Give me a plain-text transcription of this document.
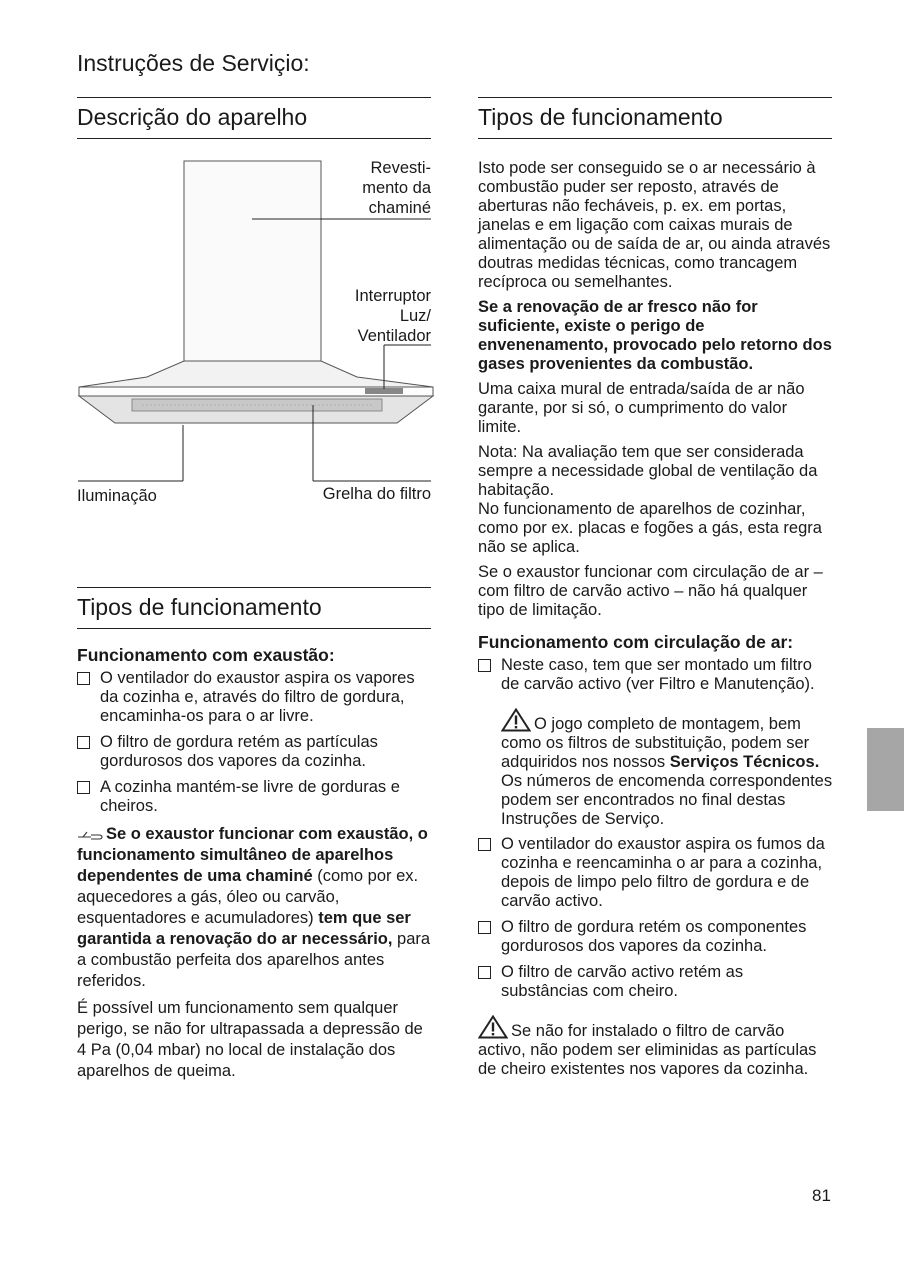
Instruções de Serviçio:
Descrição do aparelho
Revesti-
mento da
chaminé
Interruptor
Luz/
Ventilador
Iluminação	Grelha do filtro
Tipos de funcionamento
Funcionamento com exaustão:
O ventilador do exaustor aspira os vapores da cozinha e, através do filtro de gordura, encaminha-os para o ar livre.
O filtro de gordura retém as partículas gordurosos dos vapores da cozinha.
A cozinha mantém-se livre de gorduras e cheiros.

Se o exaustor funcionar com exaustão, o funcionamento simultâneo de aparelhos dependentes de uma chaminé (como por ex. aquecedores a gás, óleo ou carvão, esquentadores e acumuladores) tem que ser garantida a renovação do ar necessário, para a combustão perfeita dos aparelhos antes referidos.

É possível um funcionamento sem qualquer perigo, se não for ultrapassada a depressão de 4 Pa (0,04 mbar) no local de instalação dos aparelhos de queima.

Tipos de funcionamento

Isto pode ser conseguido se o ar necessário à combustão puder ser reposto, através de aberturas não fecháveis, p. ex. em portas, janelas e em ligação com caixas murais de alimentação ou de saída de ar, ou ainda através doutras medidas técnicas, como trancagem recíproca ou semelhantes.

Se a renovação de ar fresco não for suficiente, existe o perigo de envenenamento, provocado pelo retorno dos gases provenientes da combustão.

Uma caixa mural de entrada/saída de ar não garante, por si só, o cumprimento do valor limite.

Nota: Na avaliação tem que ser considerada sempre a necessidade global de ventilação da habitação.
No funcionamento de aparelhos de cozinhar, como por ex. placas e fogões a gás, esta regra não se aplica.

Se o exaustor funcionar com circulação de ar – com filtro de carvão activo – não há qualquer tipo de limitação.

Funcionamento com circulação de ar:
Neste caso, tem que ser montado um filtro de carvão activo (ver Filtro e Manutenção).
O jogo completo de montagem, bem como os filtros de substituição, podem ser adquiridos nos nossos Serviços Técnicos.
Os números de encomenda correspondentes podem ser encontrados no final destas Instruções de Serviço.
O ventilador do exaustor aspira os fumos da cozinha e reencaminha o ar para a cozinha, depois de limpo pelo filtro de gordura e de carvão activo.
O filtro de gordura retém os componentes gordurosos dos vapores da cozinha.
O filtro de carvão activo retém as substâncias com cheiro.

Se não for instalado o filtro de carvão activo, não podem ser eliminidas as partículas de cheiro existentes nos vapores da cozinha.

81
